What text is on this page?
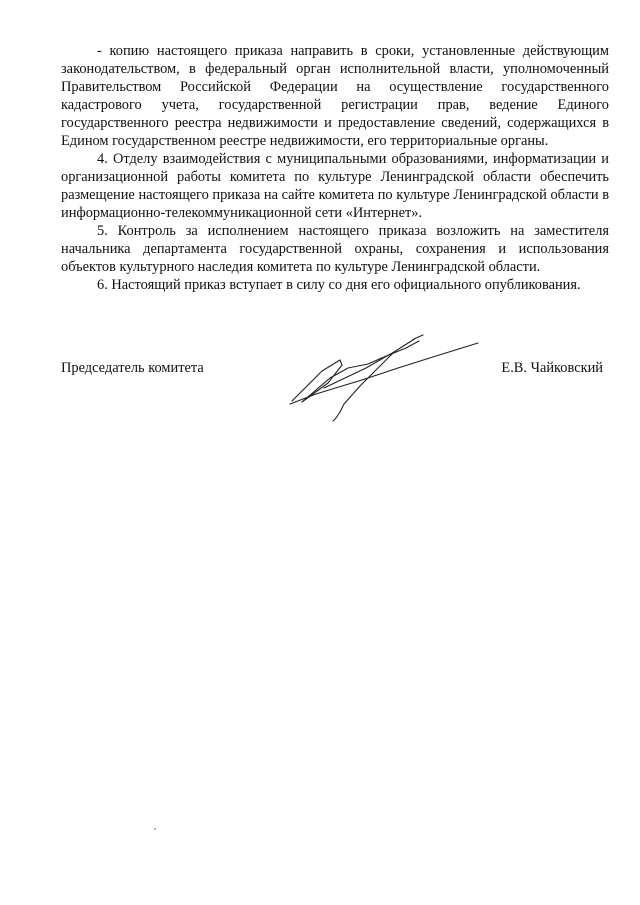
- копию настоящего приказа направить в сроки, установленные действующим законодательством, в федеральный орган исполнительной власти, уполномоченный Правительством Российской Федерации на осуществление государственного кадастрового учета, государственной регистрации прав, ведение Единого государственного реестра недвижимости и предоставление сведений, содержащихся в Едином государственном реестре недвижимости, его территориальные органы.

4. Отделу взаимодействия с муниципальными образованиями, информатизации и организационной работы комитета по культуре Ленинградской области обеспечить размещение настоящего приказа на сайте комитета по культуре Ленинградской области в информационно-телекоммуникационной сети «Интернет».

5. Контроль за исполнением настоящего приказа возложить на заместителя начальника департамента государственной охраны, сохранения и использования объектов культурного наследия комитета по культуре Ленинградской области.

6. Настоящий приказ вступает в силу со дня его официального опубликования.

Председатель комитета	Е.В. Чайковский
